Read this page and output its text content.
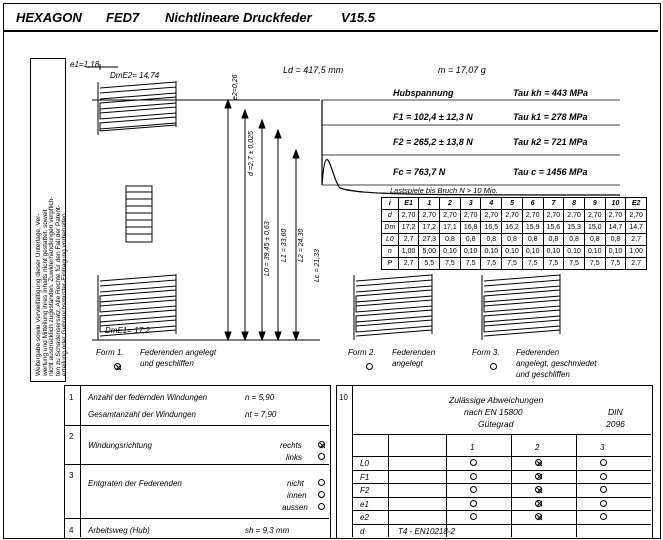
HEXAGON FED7 Nichtlineare Druckfeder V15.5
Weitergabe sowie Vervielfältigung dieser Unterlage, Ver- wertung und Mitteilung ihres Inhalts nicht gestattet, soweit nicht ausdrücklich zugestanden. Zuwiderhandlungen verpflich- ten zu Schadensersatz. Alle Rechte für den Fall der Patent- erteilung oder Gebrauchsmuster-Eintragung vorbehalten.
e1=1,18
DmE2= 14,74
DmE1= 17,2
e2=0,26
d =2,7 ± 0,025
L0 = 39,45 ± 0,63 L1 = 33,60 L2 = 24,30
Lc = 21,33
Ld = 417,5 mm	m = 17,07 g
Hubspannung	Tau kh = 443 MPa
F1 = 102,4 ± 12,3 N	Tau k1 = 278 MPa
F2 = 265,2 ± 13,8 N	Tau k2 = 721 MPa
Fc = 763,7 N	Tau c = 1456 MPa
Lastspiele bis Bruch N > 10 Mio.
i	E1	1	2	3	4	5	6	7	8	9	10	E2
d	2,70	2,70	2,70	2,70	2,70	2,70	2,70	2,70	2,70	2,70	2,70	2,70
Dm	17,2	17,2	17,1	16,8	16,5	16,2	15,9	15,6	15,3	15,0	14,7	14,7
L0	2,7	27,3	0,8	0,8	0,8	0,8	0,8	0,8	0,8	0,8	0,8	2,7
n	1,00	5,00	0,10	0,10	0,10	0,10	0,10	0,10	0,10	0,10	0,10	1,00
P	2,7	5,5	7,5	7,5	7,5	7,5	7,5	7,5	7,5	7,5	7,5	2,7
Form 1. Federenden angelegt
und geschliffen
Form 2. Federenden
angelegt
Form 3. Federenden
angelegt, geschmiedet
und geschliffen
1 Anzahl der federnden Windungen	n = 5,90
Gesamtanzahl der Windungen	nt = 7,90
2
Windungsrichtung	rechts
links
3
Entgraten der Federenden	nicht
innen
aussen
4 Arbeitsweg (Hub)	sh = 9,3 mm
10	Zulässige Abweichungen
nach EN 15800
Gütegrad
DIN
2096
1	2	3
L0
F1
F2
e1
e2
d	T4 - EN10218-2
